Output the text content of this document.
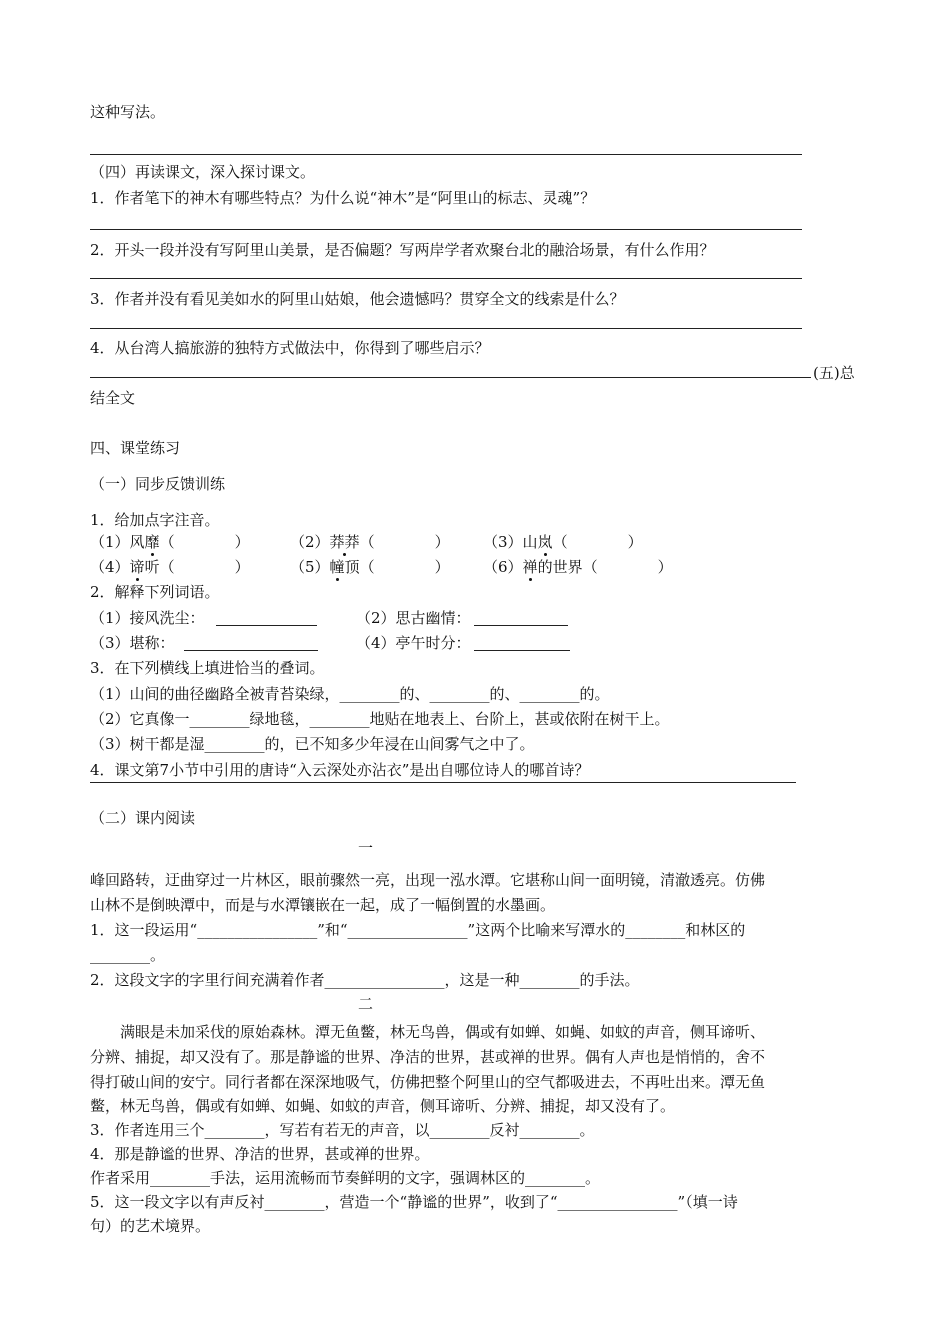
这种写法。
（四）再读课文，深入探讨课文。
1．作者笔下的神木有哪些特点？为什么说“神木”是“阿里山的标志、灵魂”？
2．开头一段并没有写阿里山美景，是否偏题？写两岸学者欢聚台北的融洽场景，有什么作用？
3．作者并没有看见美如水的阿里山姑娘，他会遗憾吗？贯穿全文的线索是什么？
4．从台湾人搞旅游的独特方式做法中，你得到了哪些启示？
(五)总
结全文
四、课堂练习
（一）同步反馈训练
1．给加点字注音。
（1）风靡（　　　　）	（2）莽莽（　　　　） （3）山岚（　　　　）
（4）谛听（　　　　）	（5）幢顶（　　　　） （6）禅的世界（　　　　）
2．解释下列词语。
（1）接风洗尘：	（2）思古幽情：
（3）堪称：	（4）亭午时分：
3．在下列横线上填进恰当的叠词。
（1）山间的曲径幽路全被青苔染绿，________的、________的、________的。
（2）它真像一________绿地毯，________地贴在地表上、台阶上，甚或依附在树干上。
（3）树干都是湿________的，已不知多少年浸在山间雾气之中了。
4．课文第7小节中引用的唐诗“入云深处亦沾衣”是出自哪位诗人的哪首诗？
（二）课内阅读
一
峰回路转，迂曲穿过一片林区，眼前骤然一亮，出现一泓水潭。它堪称山间一面明镜，清澈透亮。仿佛
山林不是倒映潭中，而是与水潭镶嵌在一起，成了一幅倒置的水墨画。
1．这一段运用“________________”和“________________”这两个比喻来写潭水的________和林区的
________。
2．这段文字的字里行间充满着作者________________，这是一种________的手法。
二
　　满眼是未加采伐的原始森林。潭无鱼鳖，林无鸟兽，偶或有如蝉、如蝇、如蚊的声音，侧耳谛听、
分辨、捕捉，却又没有了。那是静谧的世界、净洁的世界，甚或禅的世界。偶有人声也是悄悄的，舍不
得打破山间的安宁。同行者都在深深地吸气，仿佛把整个阿里山的空气都吸进去，不再吐出来。潭无鱼
鳖，林无鸟兽，偶或有如蝉、如蝇、如蚊的声音，侧耳谛听、分辨、捕捉，却又没有了。
3．作者连用三个________，写若有若无的声音，以________反衬________。
4．那是静谧的世界、净洁的世界，甚或禅的世界。
作者采用________手法，运用流畅而节奏鲜明的文字，强调林区的________。
5．这一段文字以有声反衬________，营造一个“静谧的世界”，收到了“________________”（填一诗
句）的艺术境界。
